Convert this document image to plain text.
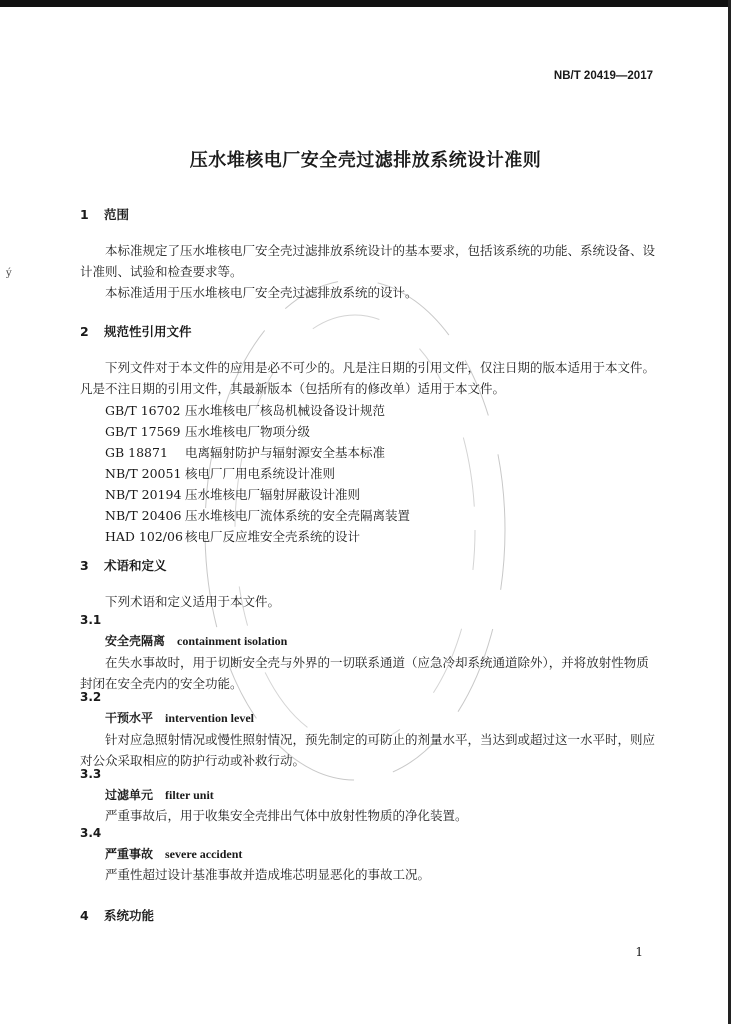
ý
NB/T 20419—2017
压水堆核电厂安全壳过滤排放系统设计准则
1 范围
本标准规定了压水堆核电厂安全壳过滤排放系统设计的基本要求，包括该系统的功能、系统设备、设计准则、试验和检查要求等。
本标准适用于压水堆核电厂安全壳过滤排放系统的设计。
2 规范性引用文件
下列文件对于本文件的应用是必不可少的。凡是注日期的引用文件，仅注日期的版本适用于本文件。凡是不注日期的引用文件，其最新版本（包括所有的修改单）适用于本文件。
GB/T 16702 压水堆核电厂核岛机械设备设计规范
GB/T 17569 压水堆核电厂物项分级
GB 18871 电离辐射防护与辐射源安全基本标准
NB/T 20051 核电厂厂用电系统设计准则
NB/T 20194 压水堆核电厂辐射屏蔽设计准则
NB/T 20406 压水堆核电厂流体系统的安全壳隔离装置
HAD 102/06 核电厂反应堆安全壳系统的设计
3 术语和定义
下列术语和定义适用于本文件。
3.1
安全壳隔离 containment isolation
在失水事故时，用于切断安全壳与外界的一切联系通道（应急冷却系统通道除外），并将放射性物质封闭在安全壳内的安全功能。
3.2
干预水平 intervention level
针对应急照射情况或慢性照射情况，预先制定的可防止的剂量水平，当达到或超过这一水平时，则应对公众采取相应的防护行动或补救行动。
3.3
过滤单元 filter unit
严重事故后，用于收集安全壳排出气体中放射性物质的净化装置。
3.4
严重事故 severe accident
严重性超过设计基准事故并造成堆芯明显恶化的事故工况。
4 系统功能
1
